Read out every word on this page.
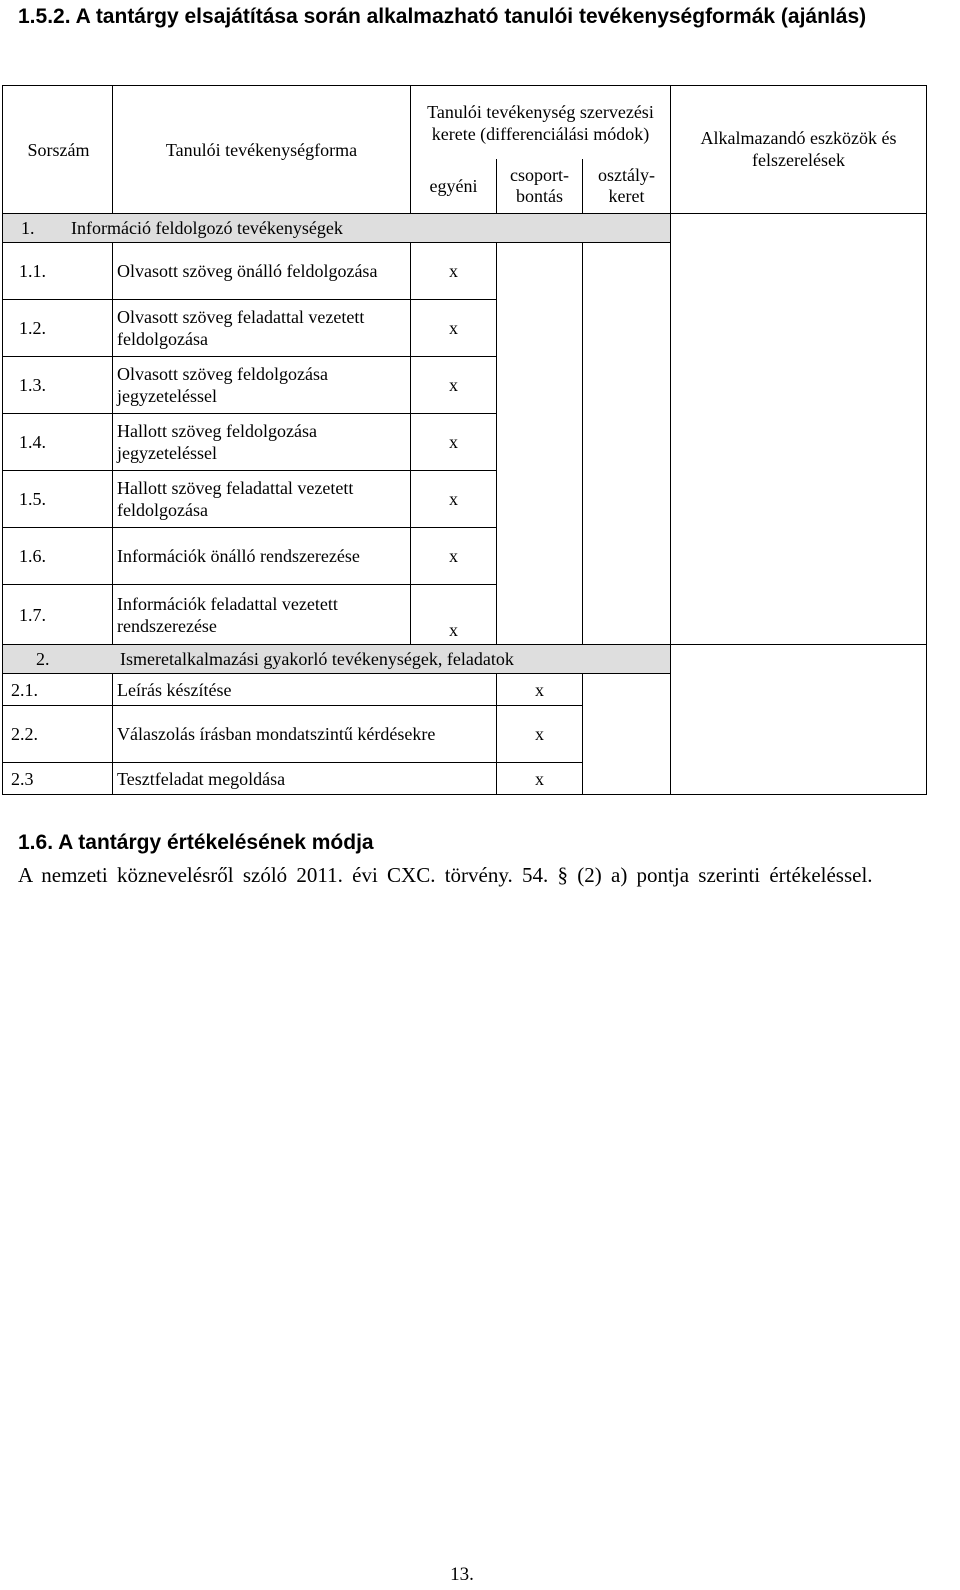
1.5.2. A tantárgy elsajátítása során alkalmazható tanulói tevékenységformák (ajánlás)
Sorszám	Tanulói tevékenységforma	Tanulói tevékenység szervezési kerete (differenciálási módok)			Alkalmazandó eszközök és felszerelések
		egyéni	csoport-bontás	osztály-keret	
1. Információ feldolgozó tevékenységek					
1.1.	Olvasott szöveg önálló feldolgozása	x			
1.2.	Olvasott szöveg feladattal vezetett feldolgozása	x			
1.3.	Olvasott szöveg feldolgozása jegyzeteléssel	x			
1.4.	Hallott szöveg feldolgozása jegyzeteléssel	x			
1.5.	Hallott szöveg feladattal vezetett feldolgozása	x			
1.6.	Információk önálló rendszerezése	x			
1.7.	Információk feladattal vezetett rendszerezése	x			
2. Ismeretalkalmazási gyakorló tevékenységek, feladatok					
2.1.	Leírás készítése		x		
2.2.	Válaszolás írásban mondatszintű kérdésekre		x		
2.3	Tesztfeladat megoldása		x		
1.6. A tantárgy értékelésének módja
A nemzeti köznevelésről szóló 2011. évi CXC. törvény. 54. § (2) a) pontja szerinti értékeléssel.
13.
